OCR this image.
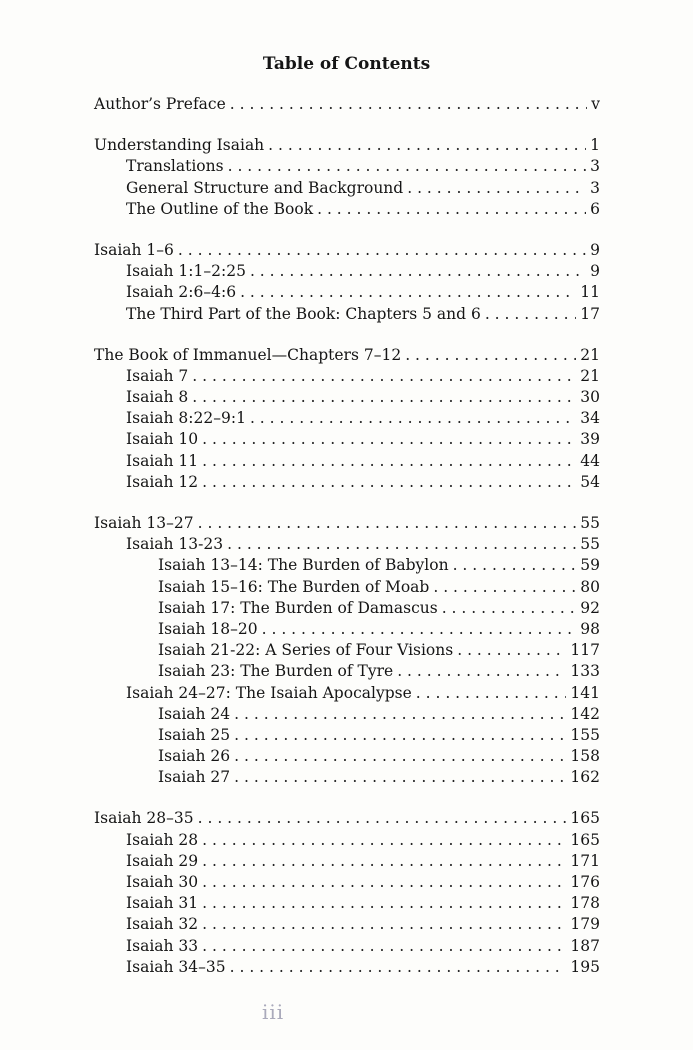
Table of Contents
Author’s Preface . . .	v
Understanding Isaiah . . .	1
Translations . . .	3
General Structure and Background . . .	3
The Outline of the Book . . .	6
Isaiah 1–6 . . .	9
Isaiah 1:1–2:25 . . .	9
Isaiah 2:6–4:6 . . .	11
The Third Part of the Book: Chapters 5 and 6 . . .	17
The Book of Immanuel—Chapters 7–12 . . .	21
Isaiah 7 . . .	21
Isaiah 8 . . .	30
Isaiah 8:22–9:1 . . .	34
Isaiah 10 . . .	39
Isaiah 11 . . .	44
Isaiah 12 . . .	54
Isaiah 13–27 . . .	55
Isaiah 13-23 . . .	55
Isaiah 13–14: The Burden of Babylon . . .	59
Isaiah 15–16: The Burden of Moab . . .	80
Isaiah 17: The Burden of Damascus . . .	92
Isaiah 18–20 . . .	98
Isaiah 21-22: A Series of Four Visions . . .	117
Isaiah 23: The Burden of Tyre . . .	133
Isaiah 24–27: The Isaiah Apocalypse . . .	141
Isaiah 24 . . .	142
Isaiah 25 . . .	155
Isaiah 26 . . .	158
Isaiah 27 . . .	162
Isaiah 28–35 . . .	165
Isaiah 28 . . .	165
Isaiah 29 . . .	171
Isaiah 30 . . .	176
Isaiah 31 . . .	178
Isaiah 32 . . .	179
Isaiah 33 . . .	187
Isaiah 34–35 . . .	195
iii
